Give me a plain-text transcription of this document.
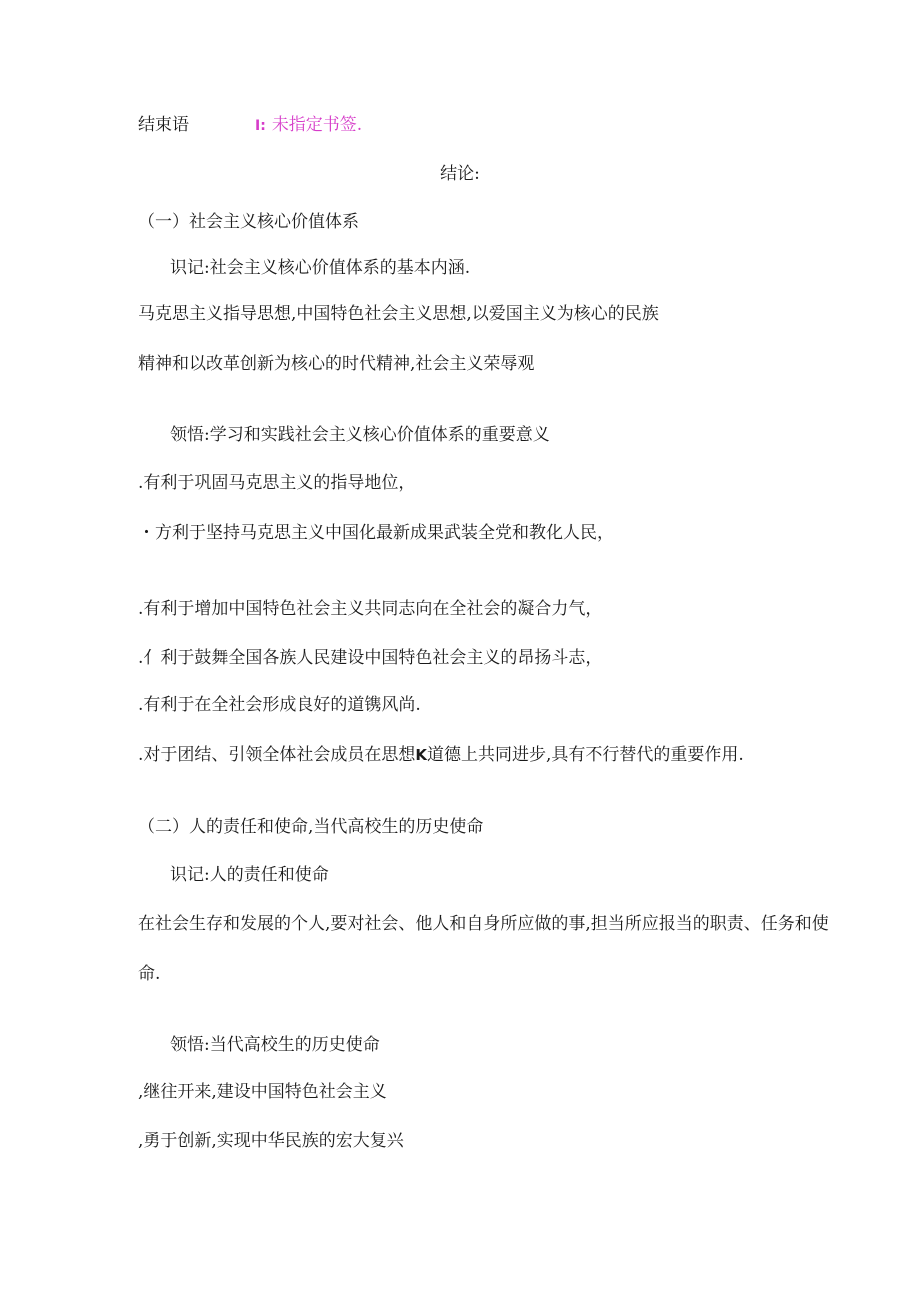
结束语	I: 未指定书签.
结论:
（一）社会主义核心价值体系
识记:社会主义核心价值体系的基本内涵.
马克思主义指导思想,中国特色社会主义思想,以爱国主义为核心的民族
精神和以改革创新为核心的时代精神,社会主义荣辱观
领悟:学习和实践社会主义核心价值体系的重要意义
.有利于巩固马克思主义的指导地位，
・方利于坚持马克思主义中国化最新成果武装全党和教化人民，
.有利于增加中国特色社会主义共同志向在全社会的凝合力气，
.亻利于鼓舞全国各族人民建设中国特色社会主义的昂扬斗志，
.有利于在全社会形成良好的道镌风尚.
.对于团结、引领全体社会成员在思想K道德上共同进步,具有不行替代的重要作用.
（二）人的责任和使命,当代高校生的历史使命
识记:人的责任和使命
在社会生存和发展的个人,要对社会、他人和自身所应做的事,担当所应报当的职责、任务和使
命.
领悟:当代高校生的历史使命
,继往开来,建设中国特色社会主义
,勇于创新,实现中华民族的宏大复兴
